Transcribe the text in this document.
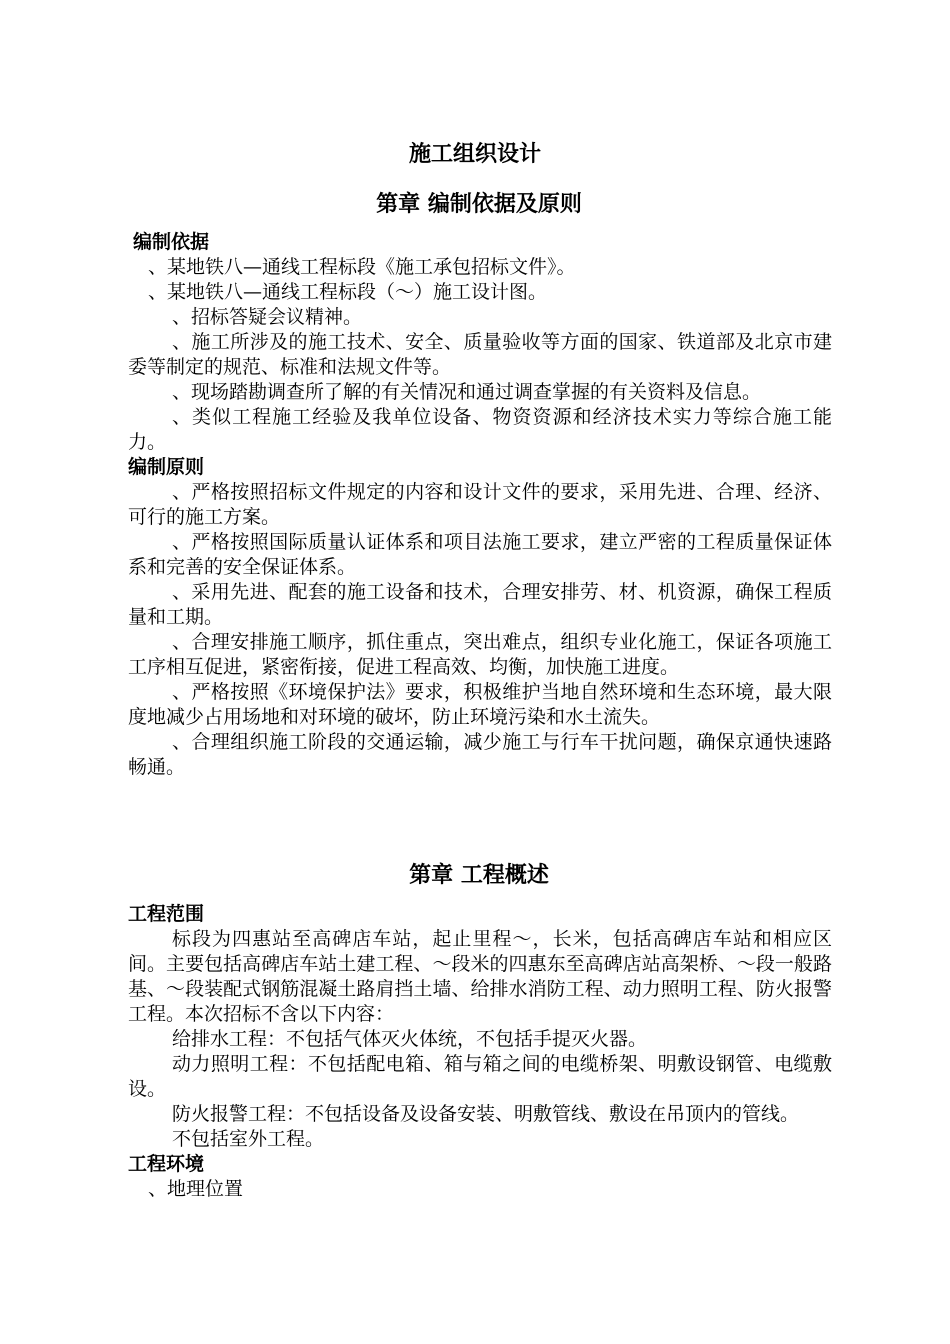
施工组织设计
第章 编制依据及原则
编制依据

、某地铁八—通线工程标段《施工承包招标文件》。

、某地铁八—通线工程标段（～）施工设计图。

、招标答疑会议精神。

、施工所涉及的施工技术、安全、质量验收等方面的国家、铁道部及北京市建委等制定的规范、标准和法规文件等。

、现场踏勘调查所了解的有关情况和通过调查掌握的有关资料及信息。

、类似工程施工经验及我单位设备、物资资源和经济技术实力等综合施工能力。

编制原则

、严格按照招标文件规定的内容和设计文件的要求，采用先进、合理、经济、可行的施工方案。

、严格按照国际质量认证体系和项目法施工要求，建立严密的工程质量保证体系和完善的安全保证体系。

、采用先进、配套的施工设备和技术，合理安排劳、材、机资源，确保工程质量和工期。

、合理安排施工顺序，抓住重点，突出难点，组织专业化施工，保证各项施工工序相互促进，紧密衔接，促进工程高效、均衡，加快施工进度。

、严格按照《环境保护法》要求，积极维护当地自然环境和生态环境，最大限度地减少占用场地和对环境的破坏，防止环境污染和水土流失。

、合理组织施工阶段的交通运输，减少施工与行车干扰问题，确保京通快速路畅通。

第章 工程概述
工程范围

标段为四惠站至高碑店车站，起止里程～，长米，包括高碑店车站和相应区间。主要包括高碑店车站土建工程、～段米的四惠东至高碑店站高架桥、～段一般路基、～段装配式钢筋混凝土路肩挡土墙、给排水消防工程、动力照明工程、防火报警工程。本次招标不含以下内容：

给排水工程：不包括气体灭火体统，不包括手提灭火器。

动力照明工程：不包括配电箱、箱与箱之间的电缆桥架、明敷设钢管、电缆敷设。

防火报警工程：不包括设备及设备安装、明敷管线、敷设在吊顶内的管线。

不包括室外工程。

工程环境

、地理位置
